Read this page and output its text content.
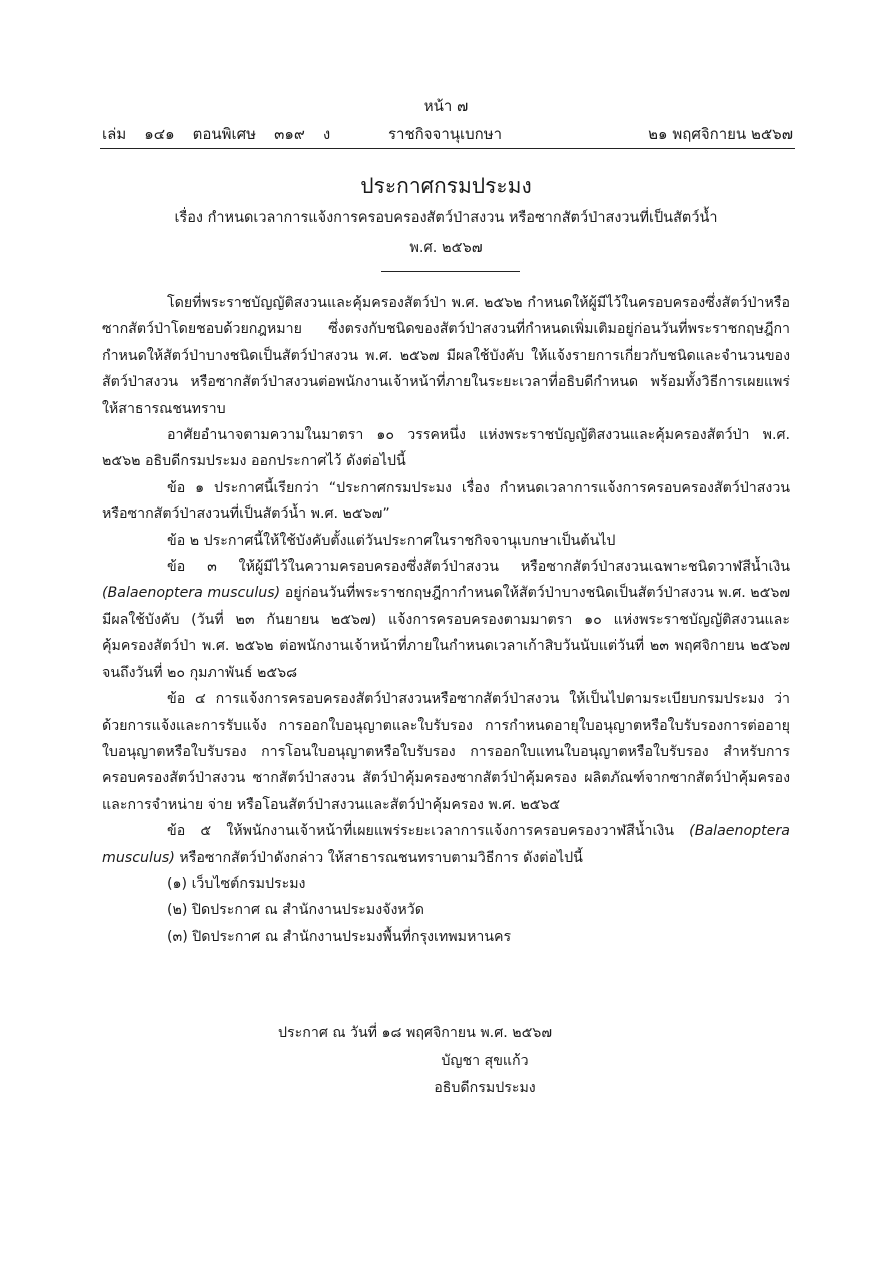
หน้า ๗
เล่ม ๑๔๑ ตอนพิเศษ ๓๑๙ ง	ราชกิจจานุเบกษา	๒๑ พฤศจิกายน ๒๕๖๗
ประกาศกรมประมง
เรื่อง กำหนดเวลาการแจ้งการครอบครองสัตว์ป่าสงวน หรือซากสัตว์ป่าสงวนที่เป็นสัตว์น้ำ
พ.ศ. ๒๕๖๗

โดยที่พระราชบัญญัติสงวนและคุ้มครองสัตว์ป่า พ.ศ. ๒๕๖๒ กำหนดให้ผู้มีไว้ในครอบครองซึ่งสัตว์ป่าหรือซากสัตว์ป่าโดยชอบด้วยกฎหมาย ซึ่งตรงกับชนิดของสัตว์ป่าสงวนที่กำหนดเพิ่มเติมอยู่ก่อนวันที่พระราชกฤษฎีกากำหนดให้สัตว์ป่าบางชนิดเป็นสัตว์ป่าสงวน พ.ศ. ๒๕๖๗ มีผลใช้บังคับ ให้แจ้งรายการเกี่ยวกับชนิดและจำนวนของสัตว์ป่าสงวน หรือซากสัตว์ป่าสงวนต่อพนักงานเจ้าหน้าที่ภายในระยะเวลาที่อธิบดีกำหนด พร้อมทั้งวิธีการเผยแพร่ให้สาธารณชนทราบ

อาศัยอำนาจตามความในมาตรา ๑๐ วรรคหนึ่ง แห่งพระราชบัญญัติสงวนและคุ้มครองสัตว์ป่า พ.ศ. ๒๕๖๒ อธิบดีกรมประมง ออกประกาศไว้ ดังต่อไปนี้

ข้อ ๑ ประกาศนี้เรียกว่า “ประกาศกรมประมง เรื่อง กำหนดเวลาการแจ้งการครอบครองสัตว์ป่าสงวน หรือซากสัตว์ป่าสงวนที่เป็นสัตว์น้ำ พ.ศ. ๒๕๖๗”

ข้อ ๒ ประกาศนี้ให้ใช้บังคับตั้งแต่วันประกาศในราชกิจจานุเบกษาเป็นต้นไป

ข้อ ๓ ให้ผู้มีไว้ในความครอบครองซึ่งสัตว์ป่าสงวน หรือซากสัตว์ป่าสงวนเฉพาะชนิดวาฬสีน้ำเงิน (Balaenoptera musculus) อยู่ก่อนวันที่พระราชกฤษฎีกากำหนดให้สัตว์ป่าบางชนิดเป็นสัตว์ป่าสงวน พ.ศ. ๒๕๖๗ มีผลใช้บังคับ (วันที่ ๒๓ กันยายน ๒๕๖๗) แจ้งการครอบครองตามมาตรา ๑๐ แห่งพระราชบัญญัติสงวนและคุ้มครองสัตว์ป่า พ.ศ. ๒๕๖๒ ต่อพนักงานเจ้าหน้าที่ภายในกำหนดเวลาเก้าสิบวันนับแต่วันที่ ๒๓ พฤศจิกายน ๒๕๖๗ จนถึงวันที่ ๒๐ กุมภาพันธ์ ๒๕๖๘

ข้อ ๔ การแจ้งการครอบครองสัตว์ป่าสงวนหรือซากสัตว์ป่าสงวน ให้เป็นไปตามระเบียบกรมประมง ว่าด้วยการแจ้งและการรับแจ้ง การออกใบอนุญาตและใบรับรอง การกำหนดอายุใบอนุญาตหรือใบรับรองการต่ออายุใบอนุญาตหรือใบรับรอง การโอนใบอนุญาตหรือใบรับรอง การออกใบแทนใบอนุญาตหรือใบรับรอง สำหรับการครอบครองสัตว์ป่าสงวน ซากสัตว์ป่าสงวน สัตว์ป่าคุ้มครองซากสัตว์ป่าคุ้มครอง ผลิตภัณฑ์จากซากสัตว์ป่าคุ้มครอง และการจำหน่าย จ่าย หรือโอนสัตว์ป่าสงวนและสัตว์ป่าคุ้มครอง พ.ศ. ๒๕๖๕

ข้อ ๕ ให้พนักงานเจ้าหน้าที่เผยแพร่ระยะเวลาการแจ้งการครอบครองวาฬสีน้ำเงิน (Balaenoptera musculus) หรือซากสัตว์ป่าดังกล่าว ให้สาธารณชนทราบตามวิธีการ ดังต่อไปนี้

(๑) เว็บไซต์กรมประมง
(๒) ปิดประกาศ ณ สำนักงานประมงจังหวัด
(๓) ปิดประกาศ ณ สำนักงานประมงพื้นที่กรุงเทพมหานคร
ประกาศ ณ วันที่ ๑๘ พฤศจิกายน พ.ศ. ๒๕๖๗
บัญชา สุขแก้ว
อธิบดีกรมประมง
